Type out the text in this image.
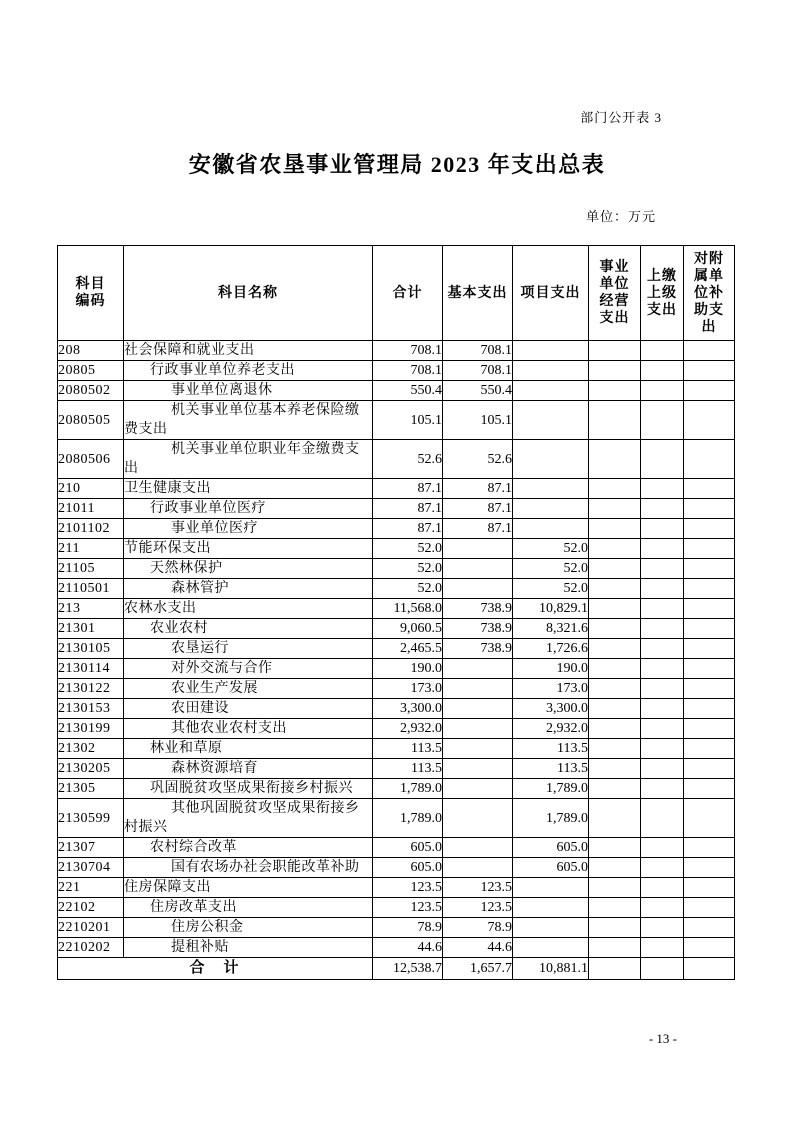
部门公开表 3
安徽省农垦事业管理局 2023 年支出总表
单位：万元
科目编码	科目名称	合计	基本支出	项目支出	事业单位经营支出	上缴上级支出	对附属单位补助支出

208	社会保障和就业支出	708.1	708.1				
20805	行政事业单位养老支出	708.1	708.1				
2080502	事业单位离退休	550.4	550.4				
2080505	机关事业单位基本养老保险缴费支出	105.1	105.1				
2080506	机关事业单位职业年金缴费支出	52.6	52.6				
210	卫生健康支出	87.1	87.1				
21011	行政事业单位医疗	87.1	87.1				
2101102	事业单位医疗	87.1	87.1				
211	节能环保支出	52.0		52.0			
21105	天然林保护	52.0		52.0			
2110501	森林管护	52.0		52.0			
213	农林水支出	11,568.0	738.9	10,829.1			
21301	农业农村	9,060.5	738.9	8,321.6			
2130105	农垦运行	2,465.5	738.9	1,726.6			
2130114	对外交流与合作	190.0		190.0			
2130122	农业生产发展	173.0		173.0			
2130153	农田建设	3,300.0		3,300.0			
2130199	其他农业农村支出	2,932.0		2,932.0			
21302	林业和草原	113.5		113.5			
2130205	森林资源培育	113.5		113.5			
21305	巩固脱贫攻坚成果衔接乡村振兴	1,789.0		1,789.0			
2130599	其他巩固脱贫攻坚成果衔接乡村振兴	1,789.0		1,789.0			
21307	农村综合改革	605.0		605.0			
2130704	国有农场办社会职能改革补助	605.0		605.0			
221	住房保障支出	123.5	123.5				
22102	住房改革支出	123.5	123.5				
2210201	住房公积金	78.9	78.9				
2210202	提租补贴	44.6	44.6				
合　计		12,538.7	1,657.7	10,881.1			
- 13 -
